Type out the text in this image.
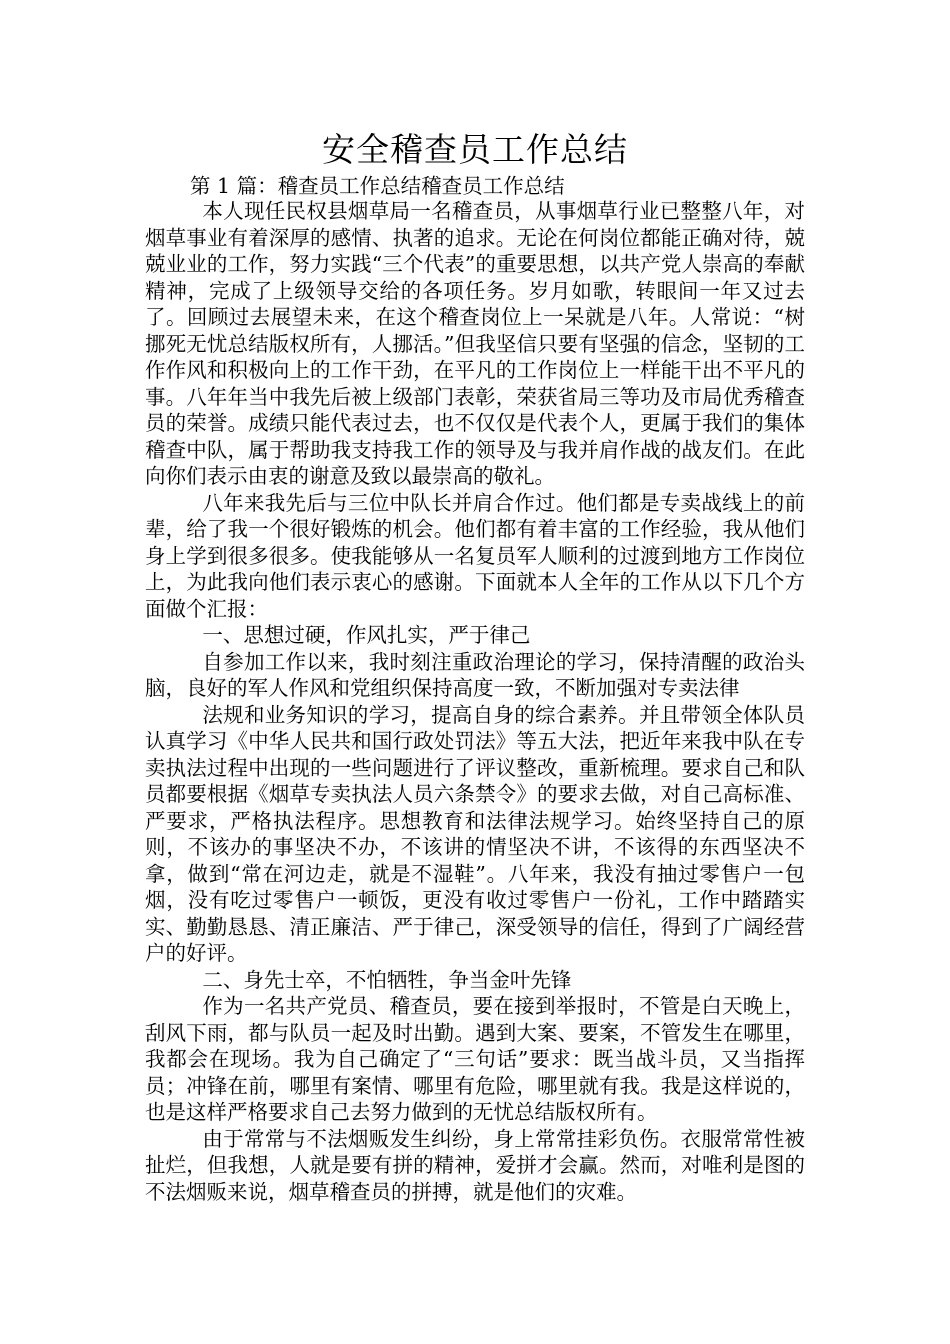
安全稽查员工作总结
第 1 篇：稽查员工作总结稽查员工作总结

本人现任民权县烟草局一名稽查员，从事烟草行业已整整八年，对烟草事业有着深厚的感情、执著的追求。无论在何岗位都能正确对待，兢兢业业的工作，努力实践“三个代表”的重要思想，以共产党人崇高的奉献精神，完成了上级领导交给的各项任务。岁月如歌，转眼间一年又过去了。回顾过去展望未来，在这个稽查岗位上一呆就是八年。人常说：“树挪死无忧总结版权所有，人挪活。”但我坚信只要有坚强的信念，坚韧的工作作风和积极向上的工作干劲，在平凡的工作岗位上一样能干出不平凡的事。八年年当中我先后被上级部门表彰，荣获省局三等功及市局优秀稽查员的荣誉。成绩只能代表过去，也不仅仅是代表个人，更属于我们的集体稽查中队，属于帮助我支持我工作的领导及与我并肩作战的战友们。在此向你们表示由衷的谢意及致以最崇高的敬礼。

八年来我先后与三位中队长并肩合作过。他们都是专卖战线上的前辈，给了我一个很好锻炼的机会。他们都有着丰富的工作经验，我从他们身上学到很多很多。使我能够从一名复员军人顺利的过渡到地方工作岗位上，为此我向他们表示衷心的感谢。下面就本人全年的工作从以下几个方面做个汇报：

一、思想过硬，作风扎实，严于律己

自参加工作以来，我时刻注重政治理论的学习，保持清醒的政治头脑，良好的军人作风和党组织保持高度一致，不断加强对专卖法律

法规和业务知识的学习，提高自身的综合素养。并且带领全体队员认真学习《中华人民共和国行政处罚法》等五大法，把近年来我中队在专卖执法过程中出现的一些问题进行了评议整改，重新梳理。要求自己和队员都要根据《烟草专卖执法人员六条禁令》的要求去做，对自己高标准、严要求，严格执法程序。思想教育和法律法规学习。始终坚持自己的原则，不该办的事坚决不办，不该讲的情坚决不讲，不该得的东西坚决不拿，做到“常在河边走，就是不湿鞋”。八年来，我没有抽过零售户一包烟，没有吃过零售户一顿饭，更没有收过零售户一份礼，工作中踏踏实实、勤勤恳恳、清正廉洁、严于律己，深受领导的信任，得到了广阔经营户的好评。

二、身先士卒，不怕牺牲，争当金叶先锋

作为一名共产党员、稽查员，要在接到举报时，不管是白天晚上，刮风下雨，都与队员一起及时出勤。遇到大案、要案，不管发生在哪里，我都会在现场。我为自己确定了“三句话”要求：既当战斗员，又当指挥员；冲锋在前，哪里有案情、哪里有危险，哪里就有我。我是这样说的，也是这样严格要求自己去努力做到的无忧总结版权所有。

由于常常与不法烟贩发生纠纷，身上常常挂彩负伤。衣服常常性被扯烂，但我想，人就是要有拼的精神，爱拼才会赢。然而，对唯利是图的不法烟贩来说，烟草稽查员的拼搏，就是他们的灾难。
